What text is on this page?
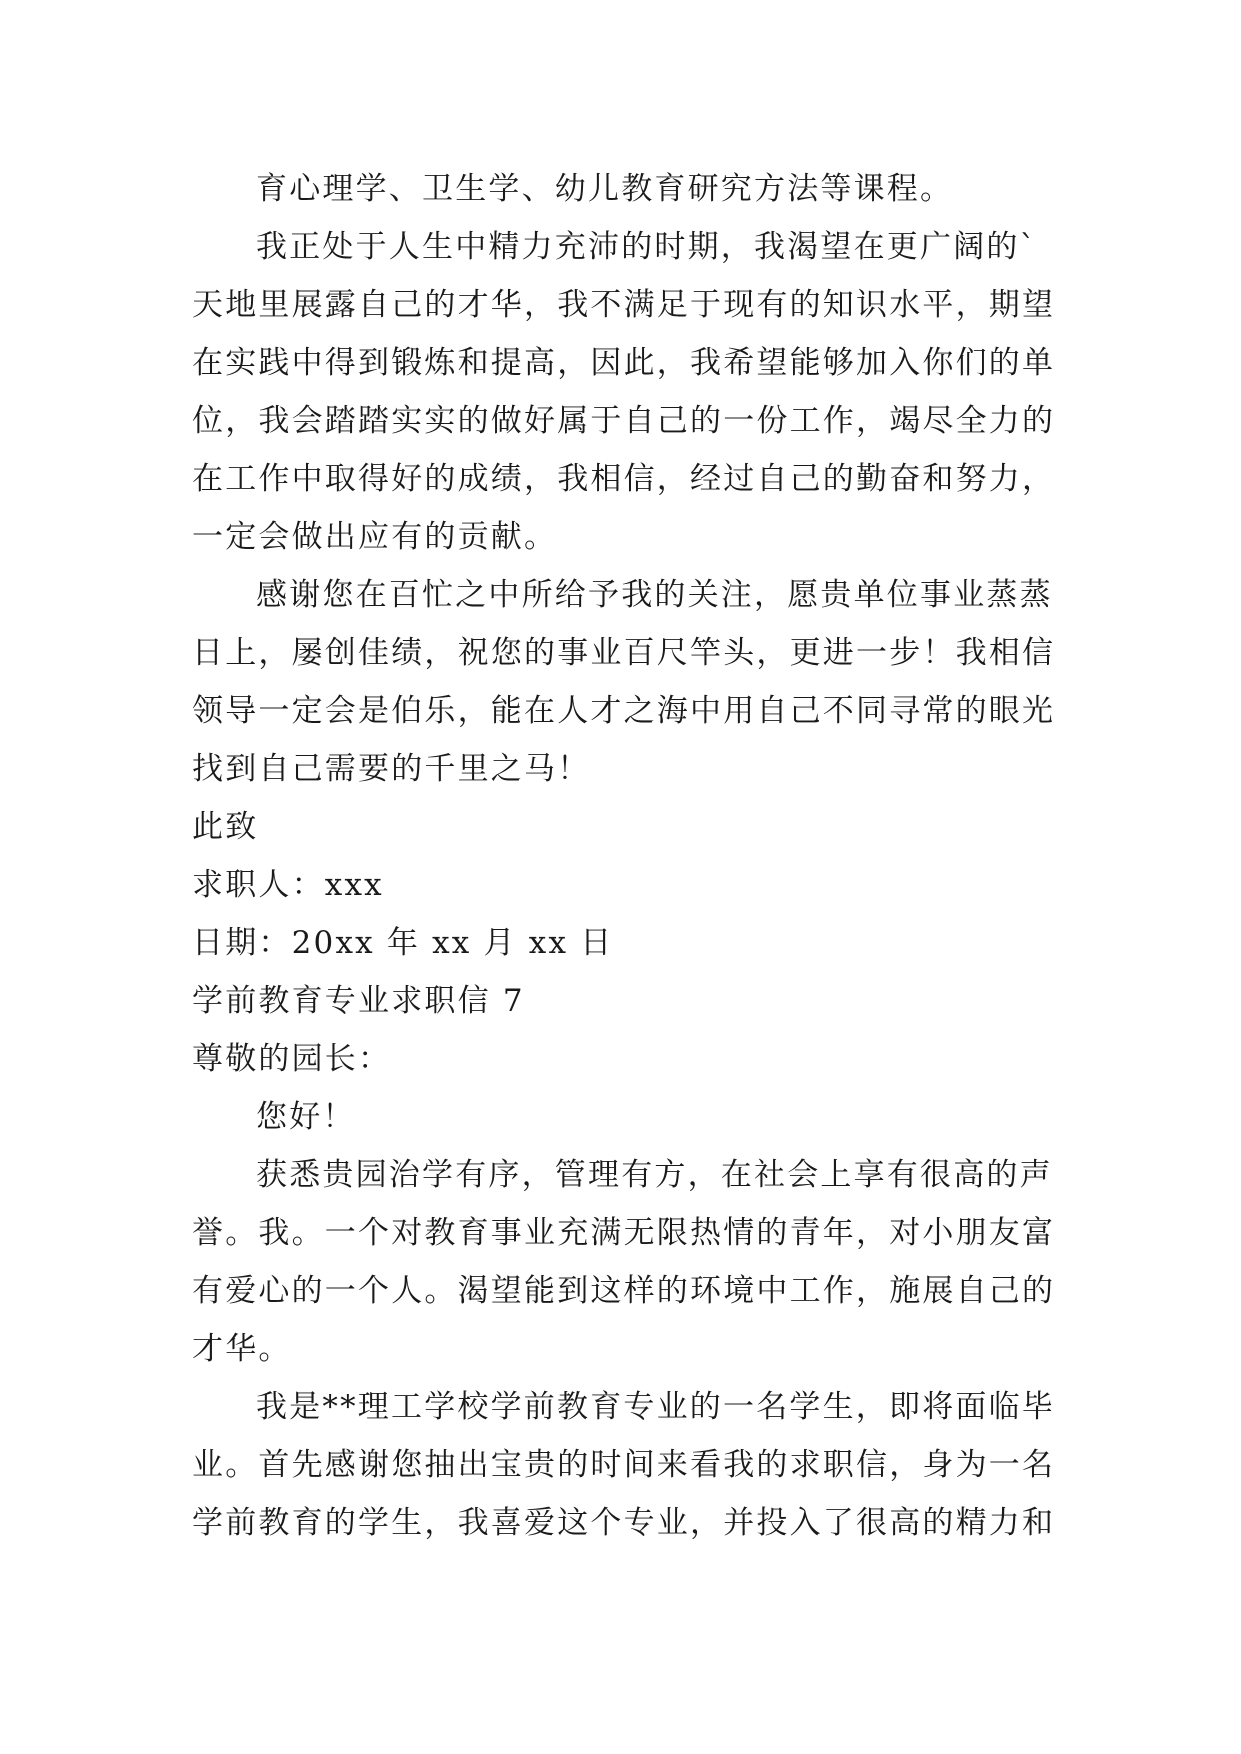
育心理学、卫生学、幼儿教育研究方法等课程。
我正处于人生中精力充沛的时期，我渴望在更广阔的`
天地里展露自己的才华，我不满足于现有的知识水平，期望
在实践中得到锻炼和提高，因此，我希望能够加入你们的单
位，我会踏踏实实的做好属于自己的一份工作，竭尽全力的
在工作中取得好的成绩，我相信，经过自己的勤奋和努力，
一定会做出应有的贡献。
感谢您在百忙之中所给予我的关注，愿贵单位事业蒸蒸
日上，屡创佳绩，祝您的事业百尺竿头，更进一步！我相信
领导一定会是伯乐，能在人才之海中用自己不同寻常的眼光
找到自己需要的千里之马！
此致
求职人：xxx
日期：20xx 年 xx 月 xx 日
学前教育专业求职信 7
尊敬的园长：
您好！
获悉贵园治学有序，管理有方，在社会上享有很高的声
誉。我。一个对教育事业充满无限热情的青年，对小朋友富
有爱心的一个人。渴望能到这样的环境中工作，施展自己的
才华。
我是**理工学校学前教育专业的一名学生，即将面临毕
业。首先感谢您抽出宝贵的时间来看我的求职信，身为一名
学前教育的学生，我喜爱这个专业，并投入了很高的精力和
